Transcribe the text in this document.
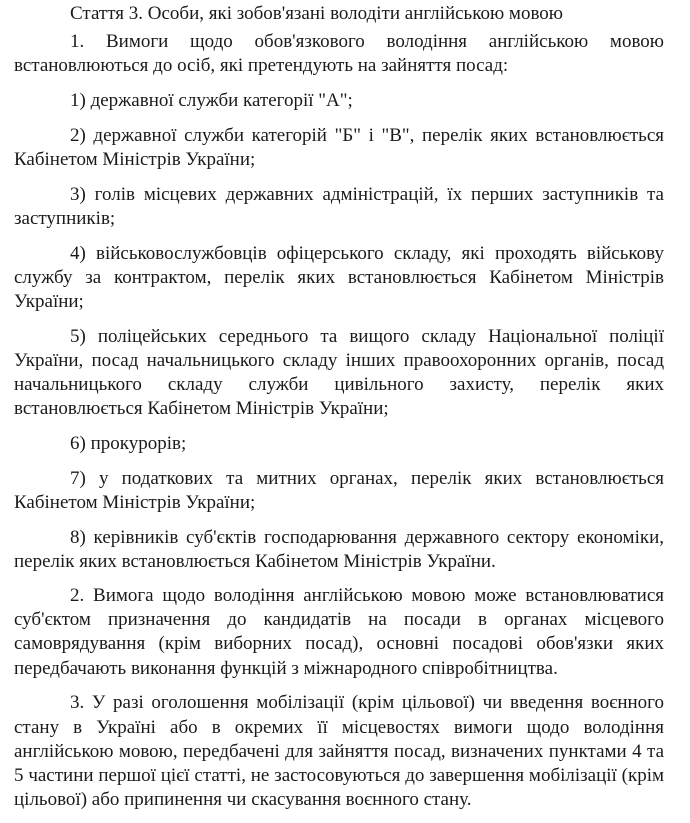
Стаття 3. Особи, які зобов'язані володіти англійською мовою

1. Вимоги щодо обов'язкового володіння англійською мовою встановлюються до осіб, які претендують на зайняття посад:

1) державної служби категорії "А";

2) державної служби категорій "Б" і "В", перелік яких встановлюється Кабінетом Міністрів України;

3) голів місцевих державних адміністрацій, їх перших заступників та заступників;

4) військовослужбовців офіцерського складу, які проходять військову службу за контрактом, перелік яких встановлюється Кабінетом Міністрів України;

5) поліцейських середнього та вищого складу Національної поліції України, посад начальницького складу інших правоохоронних органів, посад начальницького складу служби цивільного захисту, перелік яких встановлюється Кабінетом Міністрів України;

6) прокурорів;

7) у податкових та митних органах, перелік яких встановлюється Кабінетом Міністрів України;

8) керівників суб'єктів господарювання державного сектору економіки, перелік яких встановлюється Кабінетом Міністрів України.

2. Вимога щодо володіння англійською мовою може встановлюватися суб'єктом призначення до кандидатів на посади в органах місцевого самоврядування (крім виборних посад), основні посадові обов'язки яких передбачають виконання функцій з міжнародного співробітництва.

3. У разі оголошення мобілізації (крім цільової) чи введення воєнного стану в Україні або в окремих її місцевостях вимоги щодо володіння англійською мовою, передбачені для зайняття посад, визначених пунктами 4 та 5 частини першої цієї статті, не застосовуються до завершення мобілізації (крім цільової) або припинення чи скасування воєнного стану.
